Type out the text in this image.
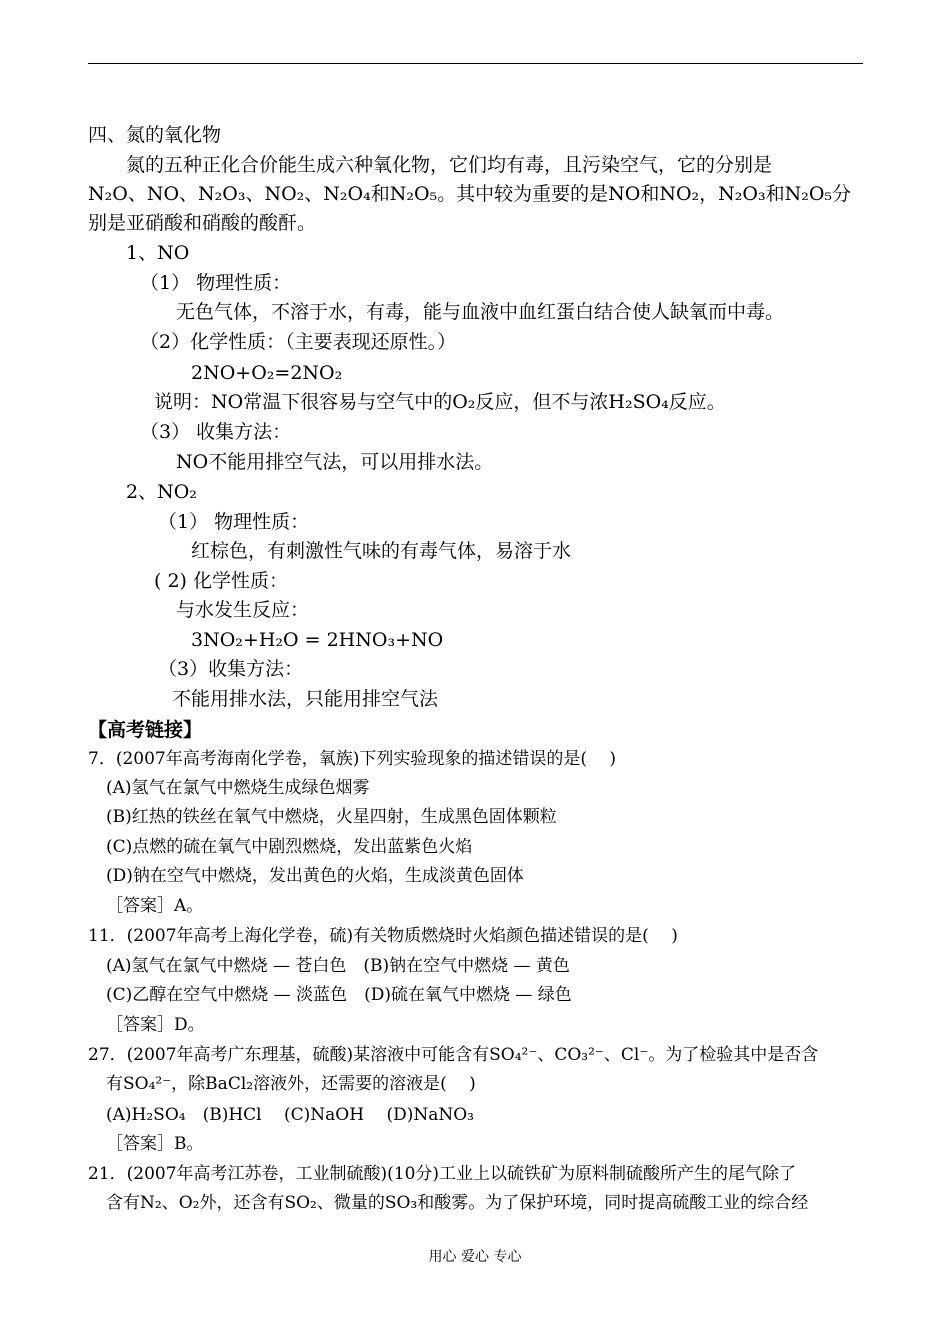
四、氮的氧化物
氮的五种正化合价能生成六种氧化物，它们均有毒，且污染空气，它的分别是
N₂O、NO、N₂O₃、NO₂、N₂O₄和N₂O₅。其中较为重要的是NO和NO₂，N₂O₃和N₂O₅分
别是亚硝酸和硝酸的酸酐。
1、NO
（1） 物理性质：
无色气体，不溶于水，有毒，能与血液中血红蛋白结合使人缺氧而中毒。
（2）化学性质：（主要表现还原性。）
2NO+O₂=2NO₂
说明：NO常温下很容易与空气中的O₂反应，但不与浓H₂SO₄反应。
（3） 收集方法：
NO不能用排空气法，可以用排水法。
2、NO₂
（1） 物理性质：
红棕色，有刺激性气味的有毒气体，易溶于水
( 2) 化学性质：
与水发生反应：
3NO₂+H₂O = 2HNO₃+NO
（3）收集方法：
不能用排水法，只能用排空气法
【高考链接】
7．(2007年高考海南化学卷，氧族)下列实验现象的描述错误的是(　 )
(A)氢气在氯气中燃烧生成绿色烟雾
(B)红热的铁丝在氧气中燃烧，火星四射，生成黑色固体颗粒
(C)点燃的硫在氧气中剧烈燃烧，发出蓝紫色火焰
(D)钠在空气中燃烧，发出黄色的火焰，生成淡黄色固体
［答案］A。
11．(2007年高考上海化学卷，硫)有关物质燃烧时火焰颜色描述错误的是(　 )
(A)氢气在氯气中燃烧 — 苍白色　(B)钠在空气中燃烧 — 黄色
(C)乙醇在空气中燃烧 — 淡蓝色　(D)硫在氧气中燃烧 — 绿色
［答案］D。
27．(2007年高考广东理基，硫酸)某溶液中可能含有SO₄²⁻、CO₃²⁻、Cl⁻。为了检验其中是否含
有SO₄²⁻，除BaCl₂溶液外，还需要的溶液是(　 )
(A)H₂SO₄　(B)HCl　 (C)NaOH　 (D)NaNO₃
［答案］B。
21．(2007年高考江苏卷，工业制硫酸)(10分)工业上以硫铁矿为原料制硫酸所产生的尾气除了
含有N₂、O₂外，还含有SO₂、微量的SO₃和酸雾。为了保护环境，同时提高硫酸工业的综合经
用心 爱心 专心
